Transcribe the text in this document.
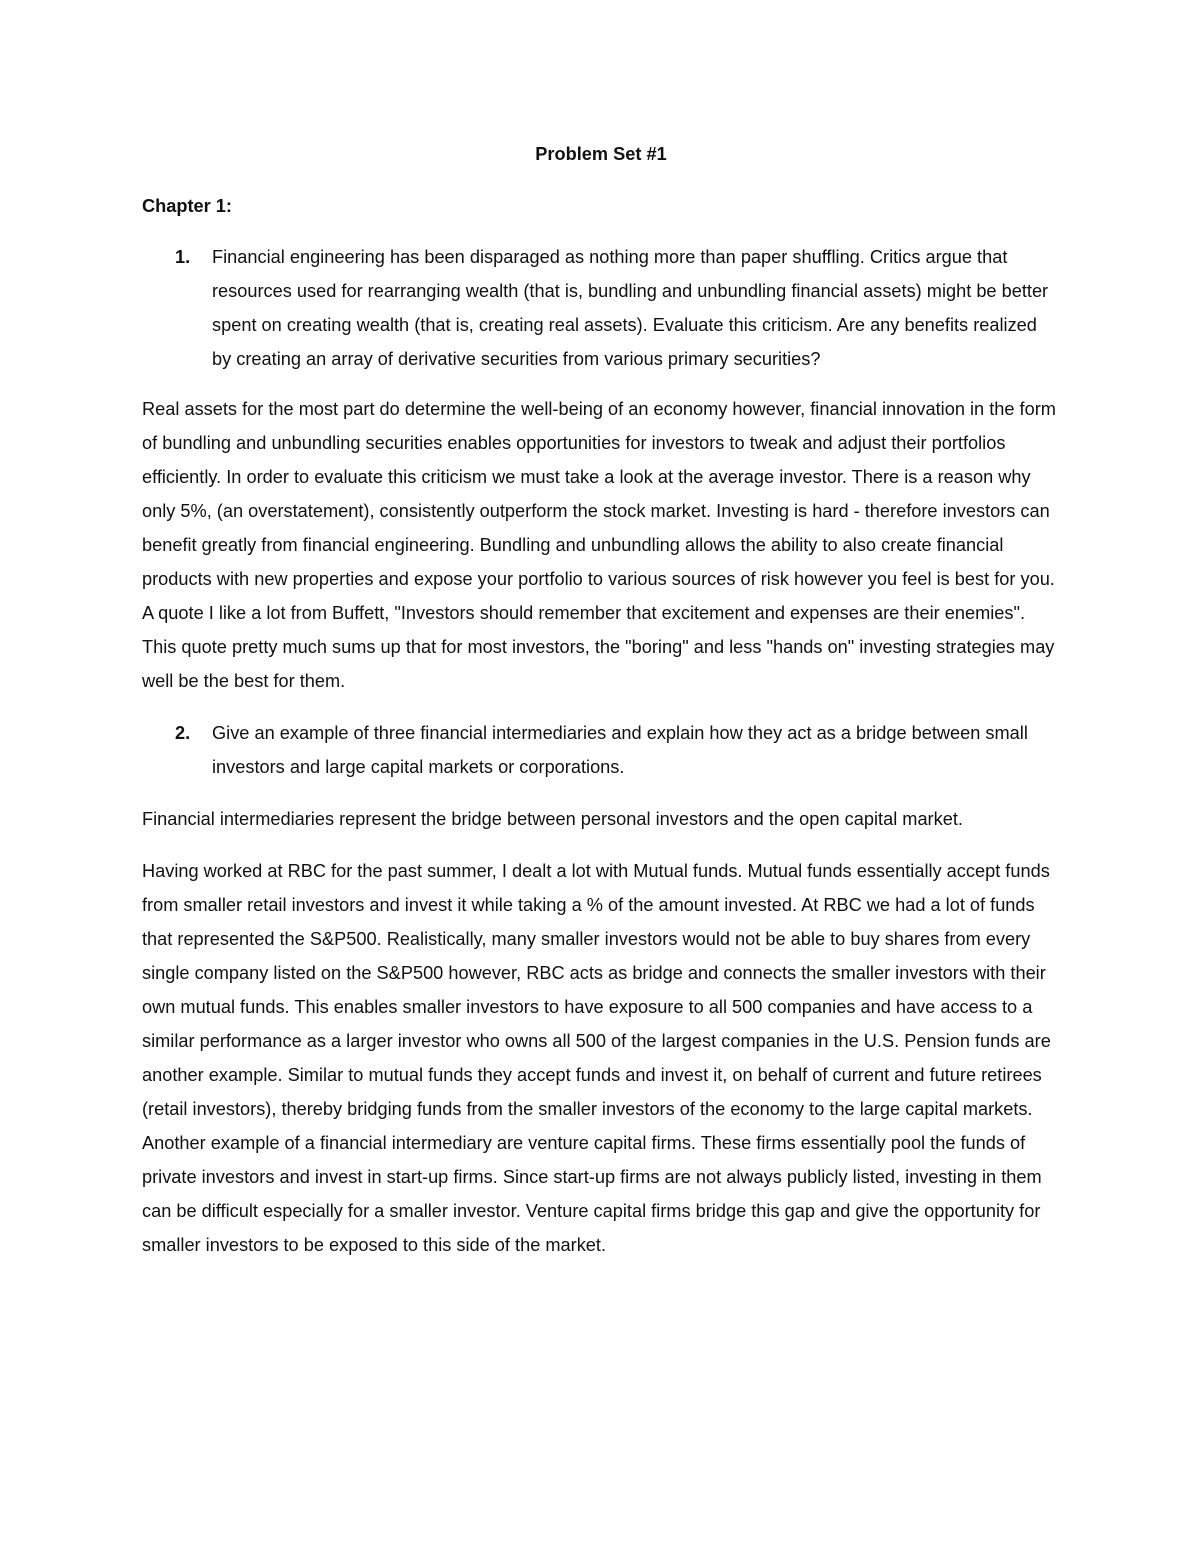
Problem Set #1

Chapter 1:

1. Financial engineering has been disparaged as nothing more than paper shuffling. Critics argue that resources used for rearranging wealth (that is, bundling and unbundling financial assets) might be better spent on creating wealth (that is, creating real assets). Evaluate this criticism. Are any benefits realized by creating an array of derivative securities from various primary securities?

Real assets for the most part do determine the well-being of an economy however, financial innovation in the form of bundling and unbundling securities enables opportunities for investors to tweak and adjust their portfolios efficiently. In order to evaluate this criticism we must take a look at the average investor. There is a reason why only 5%, (an overstatement), consistently outperform the stock market. Investing is hard - therefore investors can benefit greatly from financial engineering. Bundling and unbundling allows the ability to also create financial products with new properties and expose your portfolio to various sources of risk however you feel is best for you. A quote I like a lot from Buffett, "Investors should remember that excitement and expenses are their enemies". This quote pretty much sums up that for most investors, the "boring" and less "hands on" investing strategies may well be the best for them.

2. Give an example of three financial intermediaries and explain how they act as a bridge between small investors and large capital markets or corporations.

Financial intermediaries represent the bridge between personal investors and the open capital market.

Having worked at RBC for the past summer, I dealt a lot with Mutual funds. Mutual funds essentially accept funds from smaller retail investors and invest it while taking a % of the amount invested. At RBC we had a lot of funds that represented the S&P500. Realistically, many smaller investors would not be able to buy shares from every single company listed on the S&P500 however, RBC acts as bridge and connects the smaller investors with their own mutual funds. This enables smaller investors to have exposure to all 500 companies and have access to a similar performance as a larger investor who owns all 500 of the largest companies in the U.S. Pension funds are another example. Similar to mutual funds they accept funds and invest it, on behalf of current and future retirees (retail investors), thereby bridging funds from the smaller investors of the economy to the large capital markets. Another example of a financial intermediary are venture capital firms. These firms essentially pool the funds of private investors and invest in start-up firms. Since start-up firms are not always publicly listed, investing in them can be difficult especially for a smaller investor. Venture capital firms bridge this gap and give the opportunity for smaller investors to be exposed to this side of the market.
